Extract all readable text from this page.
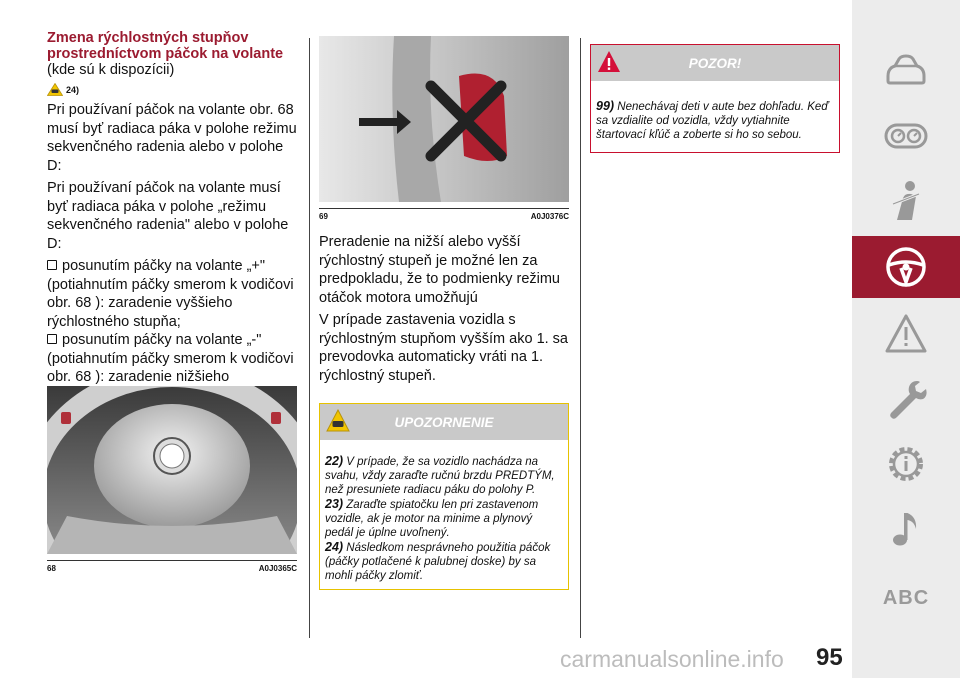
Zmena rýchlostných stupňov
prostredníctvom páčok na volante
(kde sú k dispozícii)
24)

Pri používaní páčok na volante obr. 68 musí byť radiaca páka v polohe režimu sekvenčného radenia alebo v polohe D:

Pri používaní páčok na volante musí byť radiaca páka v polohe „režimu sekvenčného radenia" alebo v polohe D:

posunutím páčky na volante „+" (potiahnutím páčky smerom k vodičovi obr. 68 ): zaradenie vyššieho rýchlostného stupňa;

posunutím páčky na volante „-" (potiahnutím páčky smerom k vodičovi obr. 68 ): zaradenie nižšieho

68	A0J0365C
69	A0J0376C

Preradenie na nižší alebo vyšší rýchlostný stupeň je možné len za predpokladu, že to podmienky režimu otáčok motora umožňujú

V prípade zastavenia vozidla s rýchlostným stupňom vyšším ako 1. sa prevodovka automaticky vráti na 1. rýchlostný stupeň.

UPOZORNENIE
22) V prípade, že sa vozidlo nachádza na svahu, vždy zaraďte ručnú brzdu PREDTÝM, než presuniete radiacu páku do polohy P.
23) Zaraďte spiatočku len pri zastavenom vozidle, ak je motor na minime a plynový pedál je úplne uvoľnený.
24) Následkom nesprávneho použitia páčok (páčky potlačené k palubnej doske) by sa mohli páčky zlomiť.
POZOR!
99) Nenechávaj deti v aute bez dohľadu. Keď sa vzdialite od vozidla, vždy vytiahnite štartovací kľúč a zoberte si ho so sebou.
ABC
carmanualsonline.info 95
